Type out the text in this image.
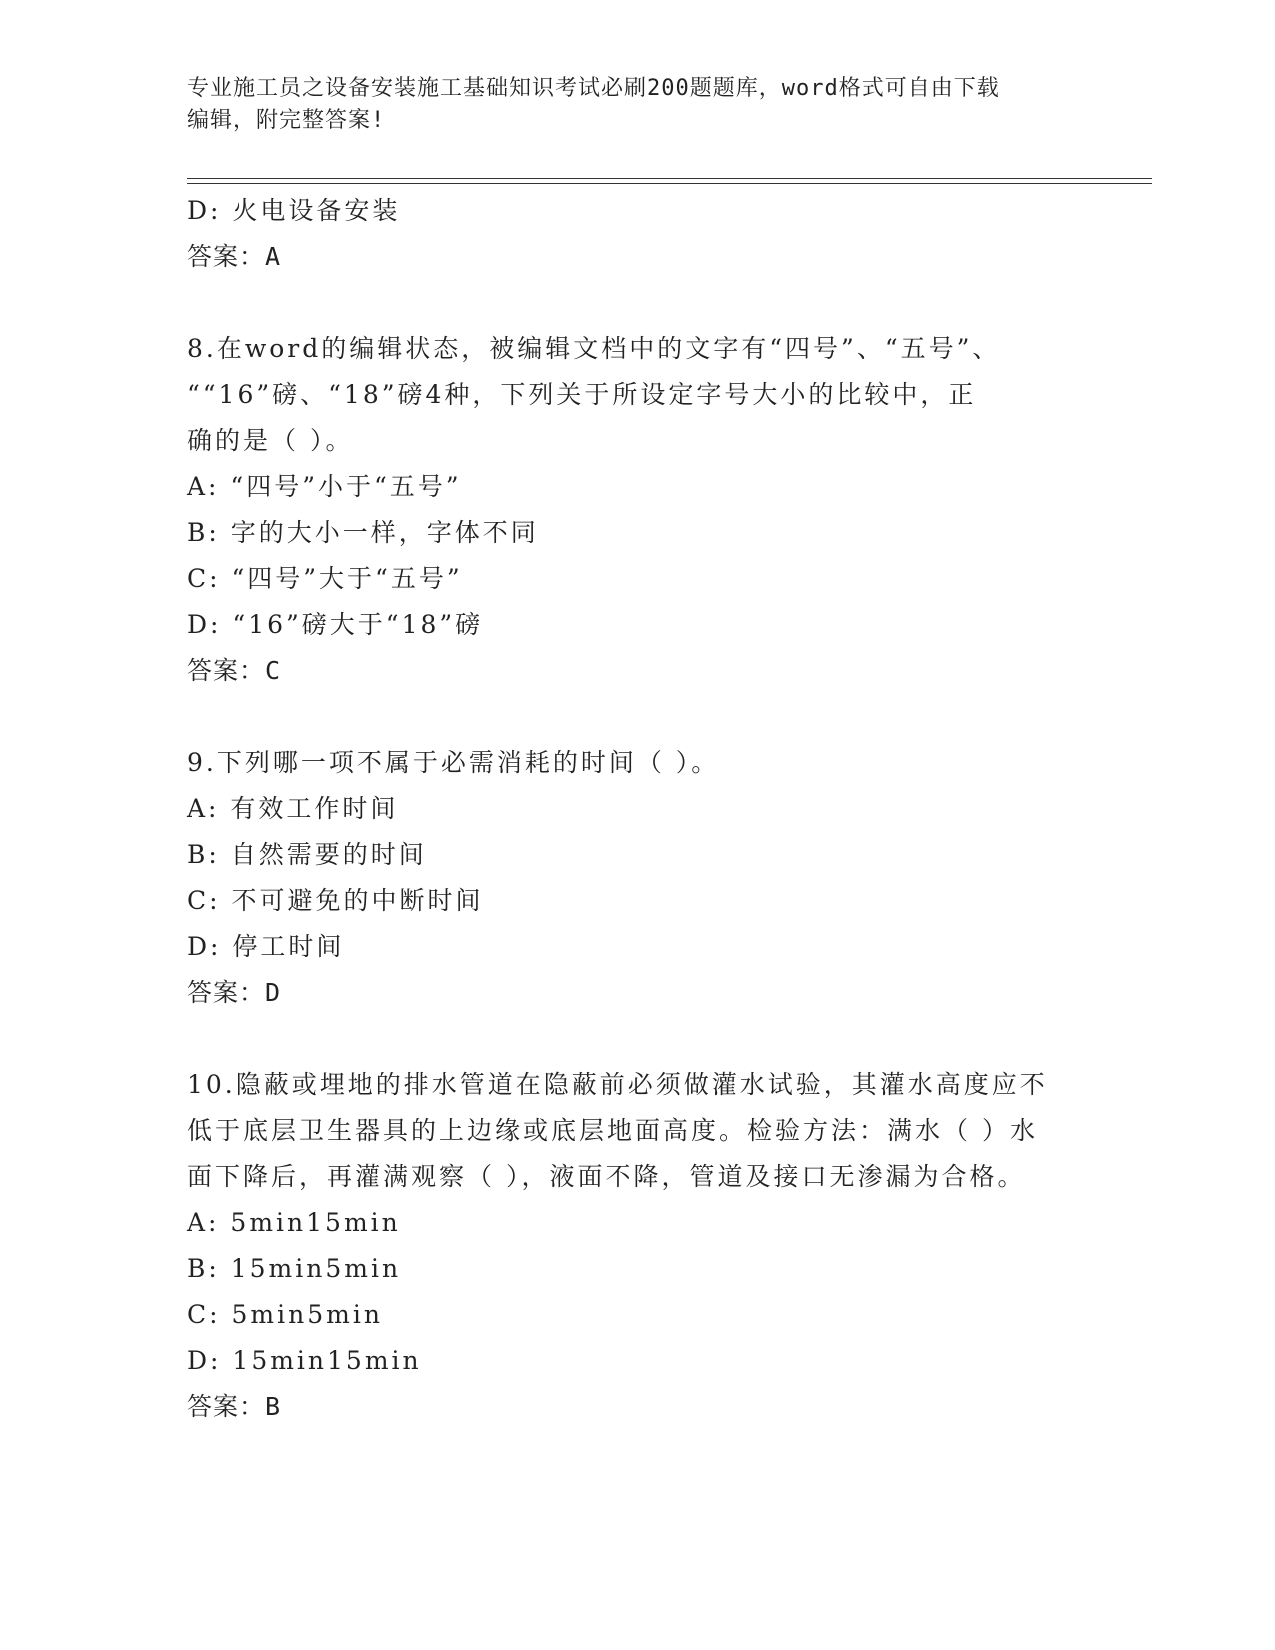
专业施工员之设备安装施工基础知识考试必刷200题题库，word格式可自由下载
编辑，附完整答案!
D: 火电设备安装
答案：A
8.在word的编辑状态，被编辑文档中的文字有“四号”、“五号”、
““16”磅、“18”磅4种，下列关于所设定字号大小的比较中，正
确的是（ ）。
A: “四号”小于“五号”
B: 字的大小一样，字体不同
C: “四号”大于“五号”
D: “16”磅大于“18”磅
答案：C
9.下列哪一项不属于必需消耗的时间（ ）。
A: 有效工作时间
B: 自然需要的时间
C: 不可避免的中断时间
D: 停工时间
答案：D
10.隐蔽或埋地的排水管道在隐蔽前必须做灌水试验，其灌水高度应不
低于底层卫生器具的上边缘或底层地面高度。检验方法：满水（ ）水
面下降后，再灌满观察（ ），液面不降，管道及接口无渗漏为合格。
A: 5min15min
B: 15min5min
C: 5min5min
D: 15min15min
答案：B
